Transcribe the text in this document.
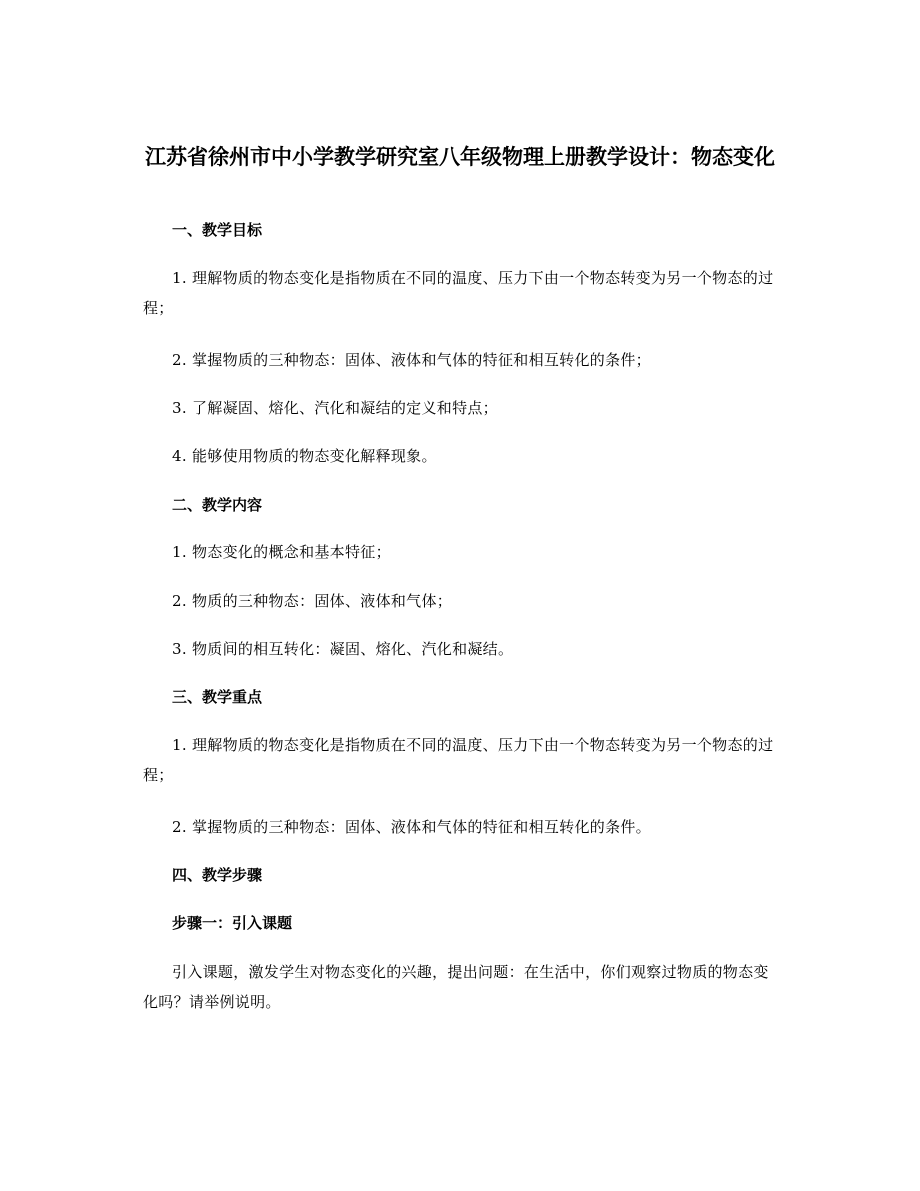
江苏省徐州市中小学教学研究室八年级物理上册教学设计：物态变化
一、教学目标

1. 理解物质的物态变化是指物质在不同的温度、压力下由一个物态转变为另一个物态的过程；

2. 掌握物质的三种物态：固体、液体和气体的特征和相互转化的条件；

3. 了解凝固、熔化、汽化和凝结的定义和特点；

4. 能够使用物质的物态变化解释现象。

二、教学内容

1. 物态变化的概念和基本特征；

2. 物质的三种物态：固体、液体和气体；

3. 物质间的相互转化：凝固、熔化、汽化和凝结。

三、教学重点

1. 理解物质的物态变化是指物质在不同的温度、压力下由一个物态转变为另一个物态的过程；

2. 掌握物质的三种物态：固体、液体和气体的特征和相互转化的条件。

四、教学步骤
步骤一：引入课题

引入课题，激发学生对物态变化的兴趣，提出问题：在生活中，你们观察过物质的物态变化吗？请举例说明。
